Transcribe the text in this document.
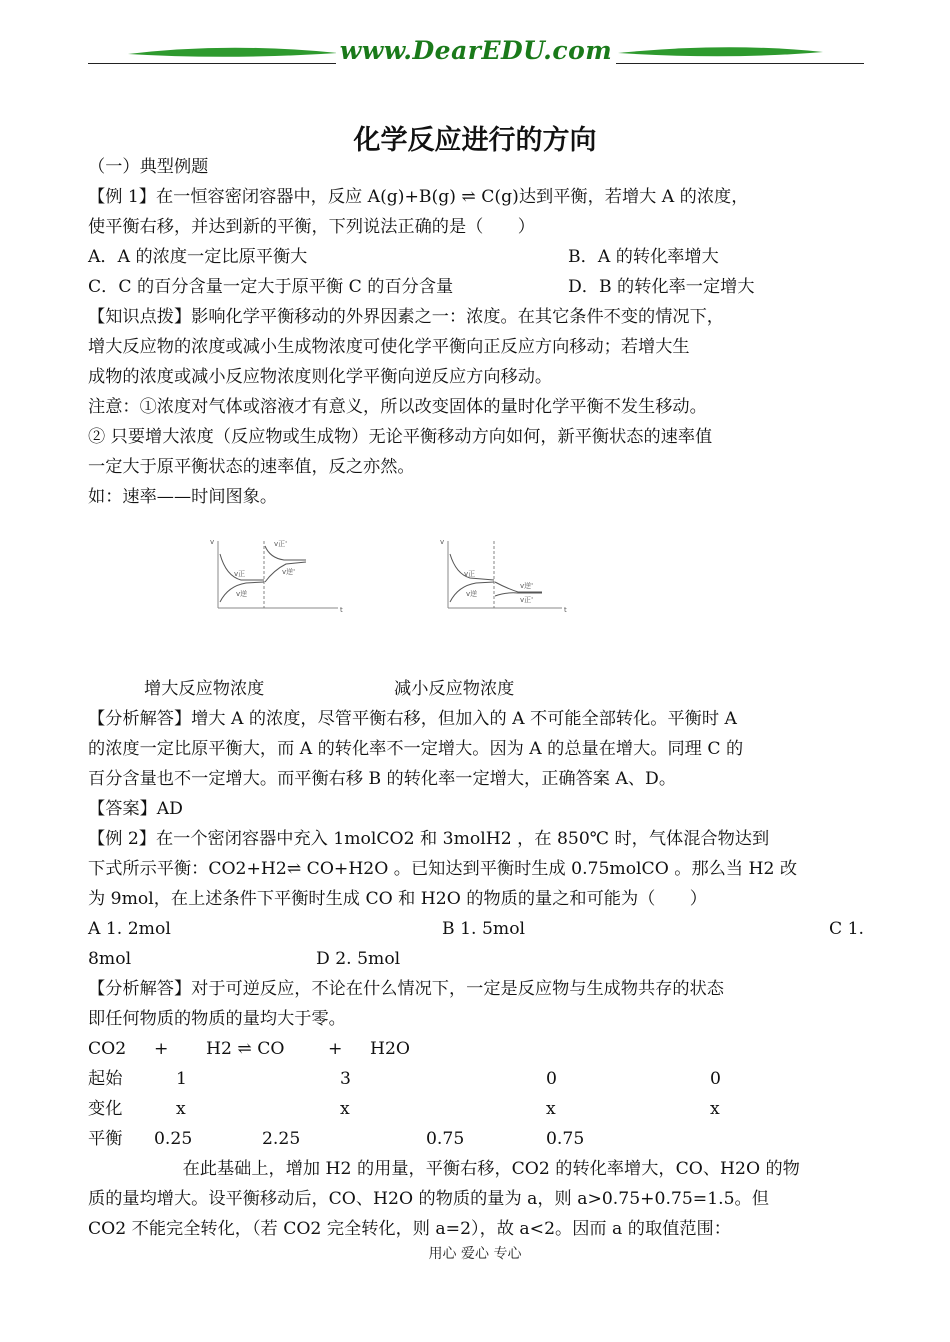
www.DearEDU.com
化学反应进行的方向

（一）典型例题

【例 1】在一恒容密闭容器中，反应 A(g)+B(g) ⇌ C(g)达到平衡，若增大 A 的浓度，

使平衡右移，并达到新的平衡，下列说法正确的是（　　）

A．A 的浓度一定比原平衡大	B．A 的转化率增大
C．C 的百分含量一定大于原平衡 C 的百分含量	D．B 的转化率一定增大

【知识点拨】影响化学平衡移动的外界因素之一：浓度。在其它条件不变的情况下，

增大反应物的浓度或减小生成物浓度可使化学平衡向正反应方向移动；若增大生

成物的浓度或减小反应物浓度则化学平衡向逆反应方向移动。

注意：①浓度对气体或溶液才有意义，所以改变固体的量时化学平衡不发生移动。

② 只要增大浓度（反应物或生成物）无论平衡移动方向如何，新平衡状态的速率值

一定大于原平衡状态的速率值，反之亦然。

如：速率——时间图象。

v
t
v正
v逆
v正'
v逆'
v
t
v正
v逆
v逆'
v正'
增大反应物浓度	减小反应物浓度

【分析解答】增大 A 的浓度，尽管平衡右移，但加入的 A 不可能全部转化。平衡时 A

的浓度一定比原平衡大，而 A 的转化率不一定增大。因为 A 的总量在增大。同理 C 的

百分含量也不一定增大。而平衡右移 B 的转化率一定增大，正确答案 A、D。

【答案】AD

【例 2】在一个密闭容器中充入 1molCO2 和 3molH2 ，在 850℃ 时，气体混合物达到

下式所示平衡：CO2+H2⇌ CO+H2O 。已知达到平衡时生成 0.75molCO 。那么当 H2 改

为 9mol，在上述条件下平衡时生成 CO 和 H2O 的物质的量之和可能为（　　）

A 1. 2mol	B 1. 5mol	C 1.
8mol	D 2. 5mol

【分析解答】对于可逆反应，不论在什么情况下，一定是反应物与生成物共存的状态

即任何物质的物质的量均大于零。

CO2 + H2 ⇌ CO	+ H2O
起始	1	3	0	0
变化	x	x	x	x
平衡 0.25	2.25	0.75	0.75

在此基础上，增加 H2 的用量，平衡右移，CO2 的转化率增大，CO、H2O 的物

质的量均增大。设平衡移动后，CO、H2O 的物质的量为 a，则 a>0.75+0.75=1.5。但

CO2 不能完全转化，（若 CO2 完全转化，则 a=2），故 a<2。因而 a 的取值范围：

用心 爱心 专心
